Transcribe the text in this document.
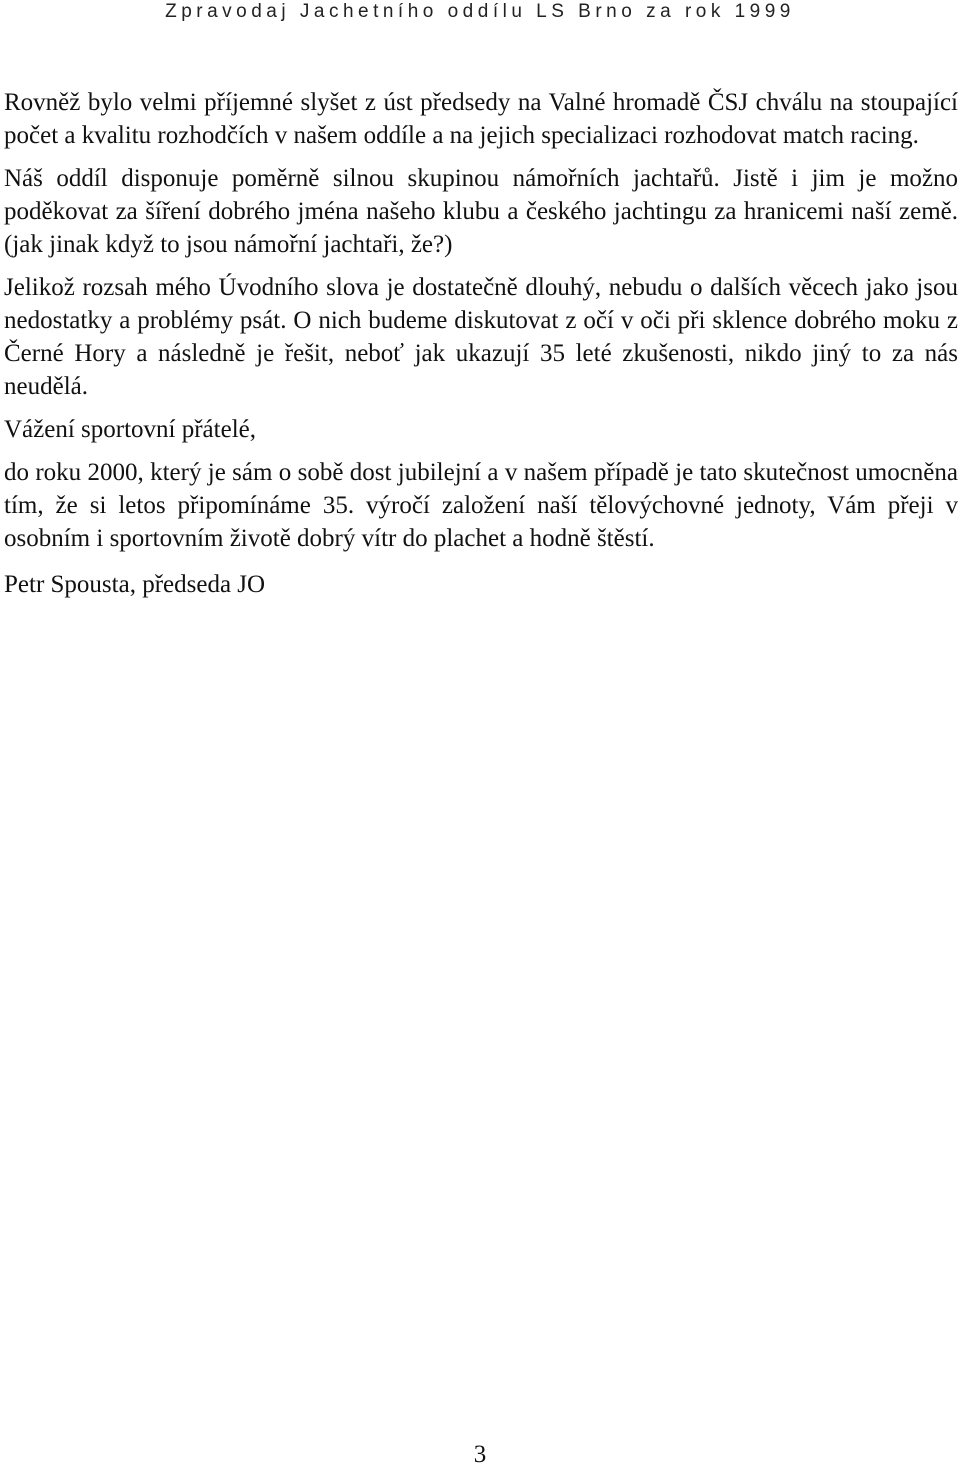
Zpravodaj Jachetního oddílu LS Brno za rok 1999

Rovněž bylo velmi příjemné slyšet z úst předsedy na Valné hromadě ČSJ chválu na stoupající počet a kvalitu rozhodčích v našem oddíle a na jejich specializaci rozhodovat match racing.

Náš oddíl disponuje poměrně silnou skupinou námořních jachtařů. Jistě i jim je možno poděkovat za šíření dobrého jména našeho klubu a českého jachtingu za hranicemi naší země. (jak jinak když to jsou námořní jachtaři, že?)

Jelikož rozsah mého Úvodního slova je dostatečně dlouhý, nebudu o dalších věcech jako jsou nedostatky a problémy psát. O nich budeme diskutovat z očí v oči při sklence dobrého moku z Černé Hory a následně je řešit, neboť jak ukazují 35 leté zkušenosti, nikdo jiný to za nás neudělá.

Vážení sportovní přátelé,

do roku 2000, který je sám o sobě dost jubilejní a v našem případě je tato skutečnost umocněna tím, že si letos připomínáme 35. výročí založení naší tělovýchovné jednoty, Vám přeji v osobním i sportovním životě dobrý vítr do plachet a hodně štěstí.

Petr Spousta, předseda JO

3
